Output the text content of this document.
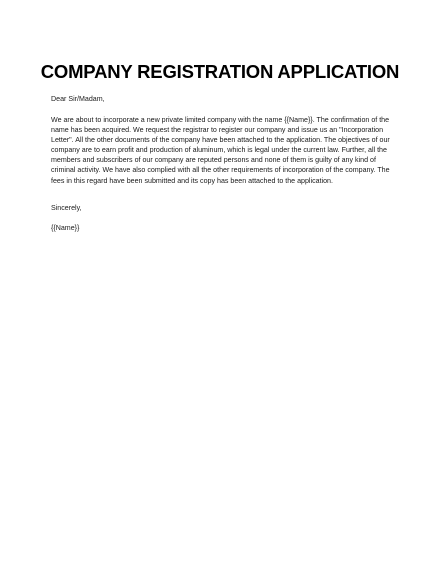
COMPANY REGISTRATION APPLICATION

Dear Sir/Madam,

We are about to incorporate a new private limited company with the name {{Name}}. The confirmation of the name has been acquired. We request the registrar to register our company and issue us an "Incorporation Letter". All the other documents of the company have been attached to the application. The objectives of our company are to earn profit and production of aluminum, which is legal under the current law. Further, all the members and subscribers of our company are reputed persons and none of them is guilty of any kind of criminal activity. We have also complied with all the other requirements of incorporation of the company. The fees in this regard have been submitted and its copy has been attached to the application.

Sincerely,

{{Name}}
